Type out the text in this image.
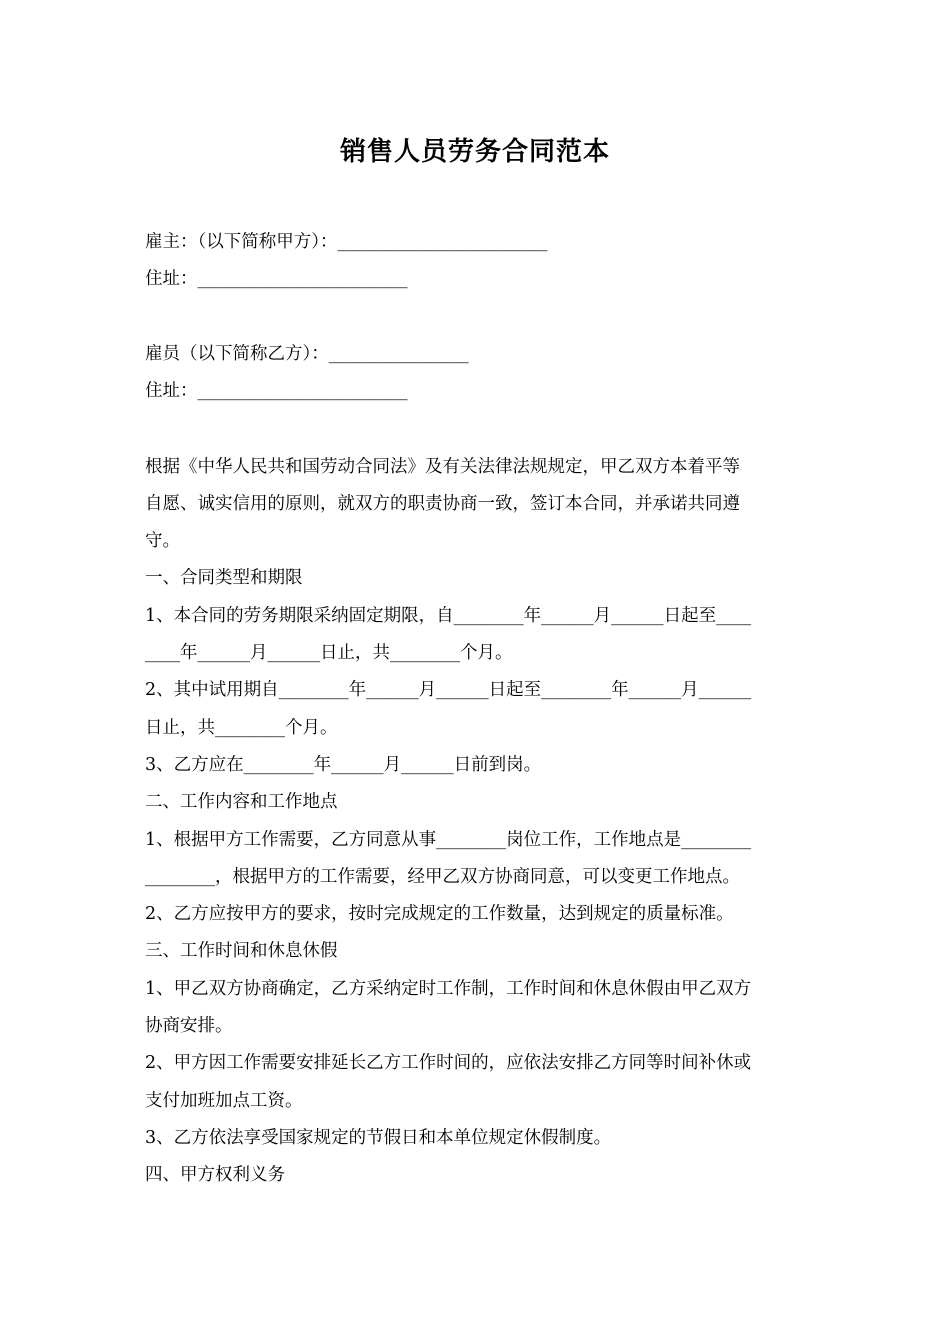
销售人员劳务合同范本
雇主：（以下简称甲方）：________________________
住址：________________________
雇员（以下简称乙方）：________________
住址：________________________
根据《中华人民共和国劳动合同法》及有关法律法规规定，甲乙双方本着平等
自愿、诚实信用的原则，就双方的职责协商一致，签订本合同，并承诺共同遵
守。
一、合同类型和期限
1、本合同的劳务期限采纳固定期限，自________年______月______日起至____
____年______月______日止，共________个月。
2、其中试用期自________年______月______日起至________年______月______
日止，共________个月。
3、乙方应在________年______月______日前到岗。
二、工作内容和工作地点
1、根据甲方工作需要，乙方同意从事________岗位工作，工作地点是________
________，根据甲方的工作需要，经甲乙双方协商同意，可以变更工作地点。
2、乙方应按甲方的要求，按时完成规定的工作数量，达到规定的质量标准。
三、工作时间和休息休假
1、甲乙双方协商确定，乙方采纳定时工作制，工作时间和休息休假由甲乙双方
协商安排。
2、甲方因工作需要安排延长乙方工作时间的，应依法安排乙方同等时间补休或
支付加班加点工资。
3、乙方依法享受国家规定的节假日和本单位规定休假制度。
四、甲方权利义务
